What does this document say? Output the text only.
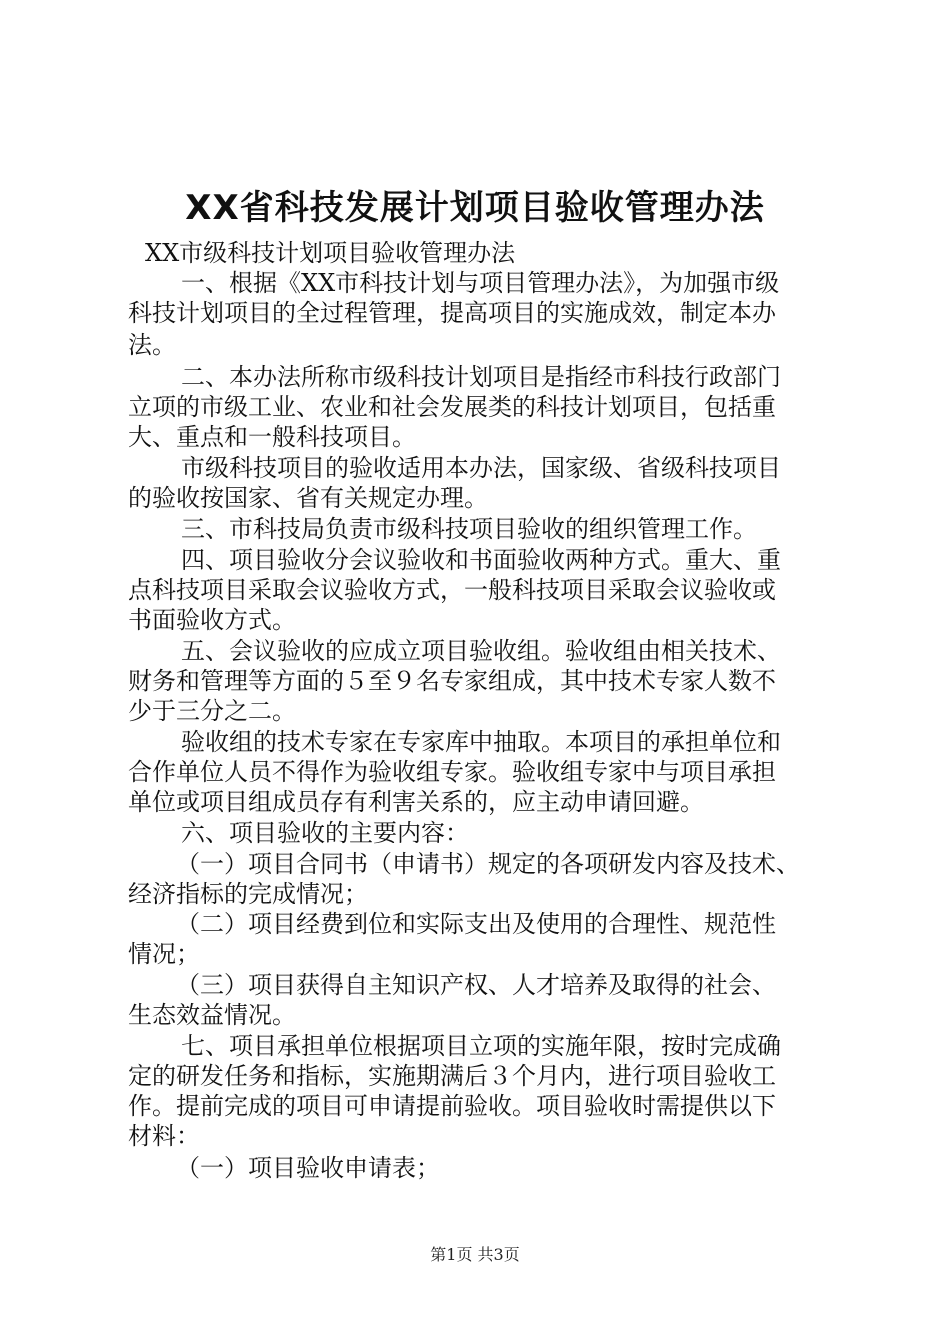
XX省科技发展计划项目验收管理办法
XX市级科技计划项目验收管理办法
一、根据《XX市科技计划与项目管理办法》，为加强市级
科技计划项目的全过程管理，提高项目的实施成效，制定本办
法。
二、本办法所称市级科技计划项目是指经市科技行政部门
立项的市级工业、农业和社会发展类的科技计划项目，包括重
大、重点和一般科技项目。
市级科技项目的验收适用本办法，国家级、省级科技项目
的验收按国家、省有关规定办理。
三、市科技局负责市级科技项目验收的组织管理工作。
四、项目验收分会议验收和书面验收两种方式。重大、重
点科技项目采取会议验收方式，一般科技项目采取会议验收或
书面验收方式。
五、会议验收的应成立项目验收组。验收组由相关技术、
财务和管理等方面的５至９名专家组成，其中技术专家人数不
少于三分之二。
验收组的技术专家在专家库中抽取。本项目的承担单位和
合作单位人员不得作为验收组专家。验收组专家中与项目承担
单位或项目组成员存有利害关系的，应主动申请回避。
六、项目验收的主要内容：
（一）项目合同书（申请书）规定的各项研发内容及技术、
经济指标的完成情况；
（二）项目经费到位和实际支出及使用的合理性、规范性
情况；
（三）项目获得自主知识产权、人才培养及取得的社会、
生态效益情况。
七、项目承担单位根据项目立项的实施年限，按时完成确
定的研发任务和指标，实施期满后３个月内，进行项目验收工
作。提前完成的项目可申请提前验收。项目验收时需提供以下
材料：
（一）项目验收申请表；
第1页 共3页
